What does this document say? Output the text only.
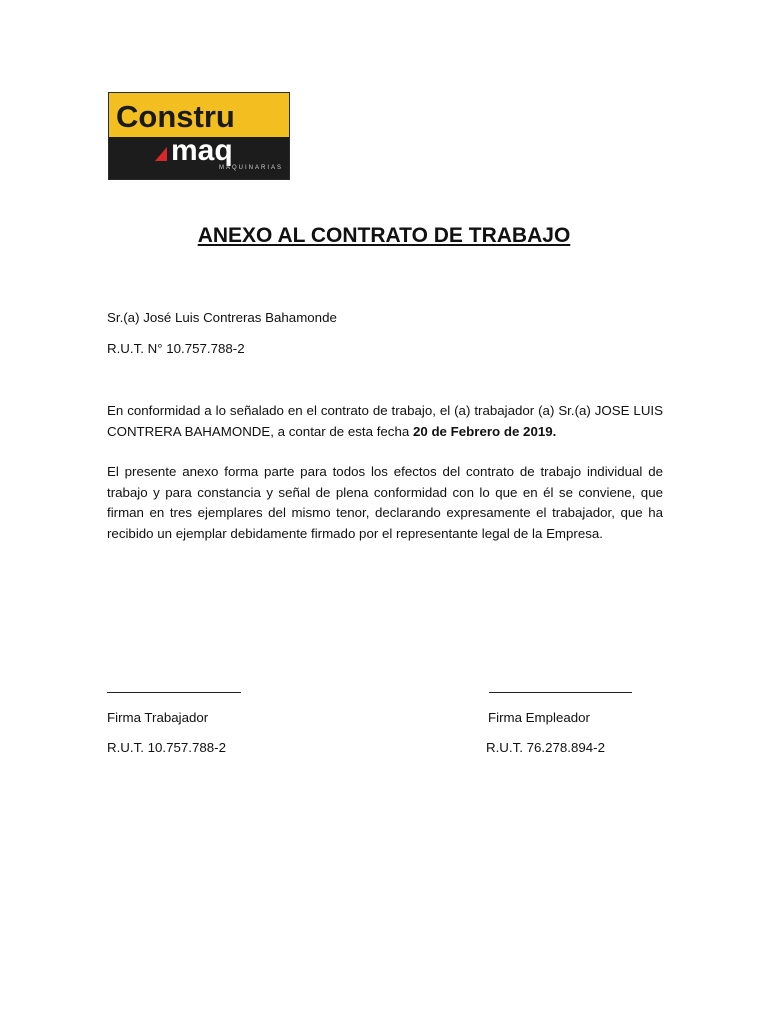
Constru
maq
MAQUINARIAS
ANEXO AL CONTRATO DE TRABAJO
Sr.(a) José Luis Contreras Bahamonde
R.U.T. N° 10.757.788-2
En conformidad a lo señalado en el contrato de trabajo, el (a) trabajador (a) Sr.(a) JOSE LUIS CONTRERA BAHAMONDE, a contar de esta fecha 20 de Febrero de 2019.
El presente anexo forma parte para todos los efectos del contrato de trabajo individual de trabajo y para constancia y señal de plena conformidad con lo que en él se conviene, que firman en tres ejemplares del mismo tenor, declarando expresamente el trabajador, que ha recibido un ejemplar debidamente firmado por el representante legal de la Empresa.
Firma Trabajador
R.U.T. 10.757.788-2
Firma Empleador
R.U.T. 76.278.894-2
